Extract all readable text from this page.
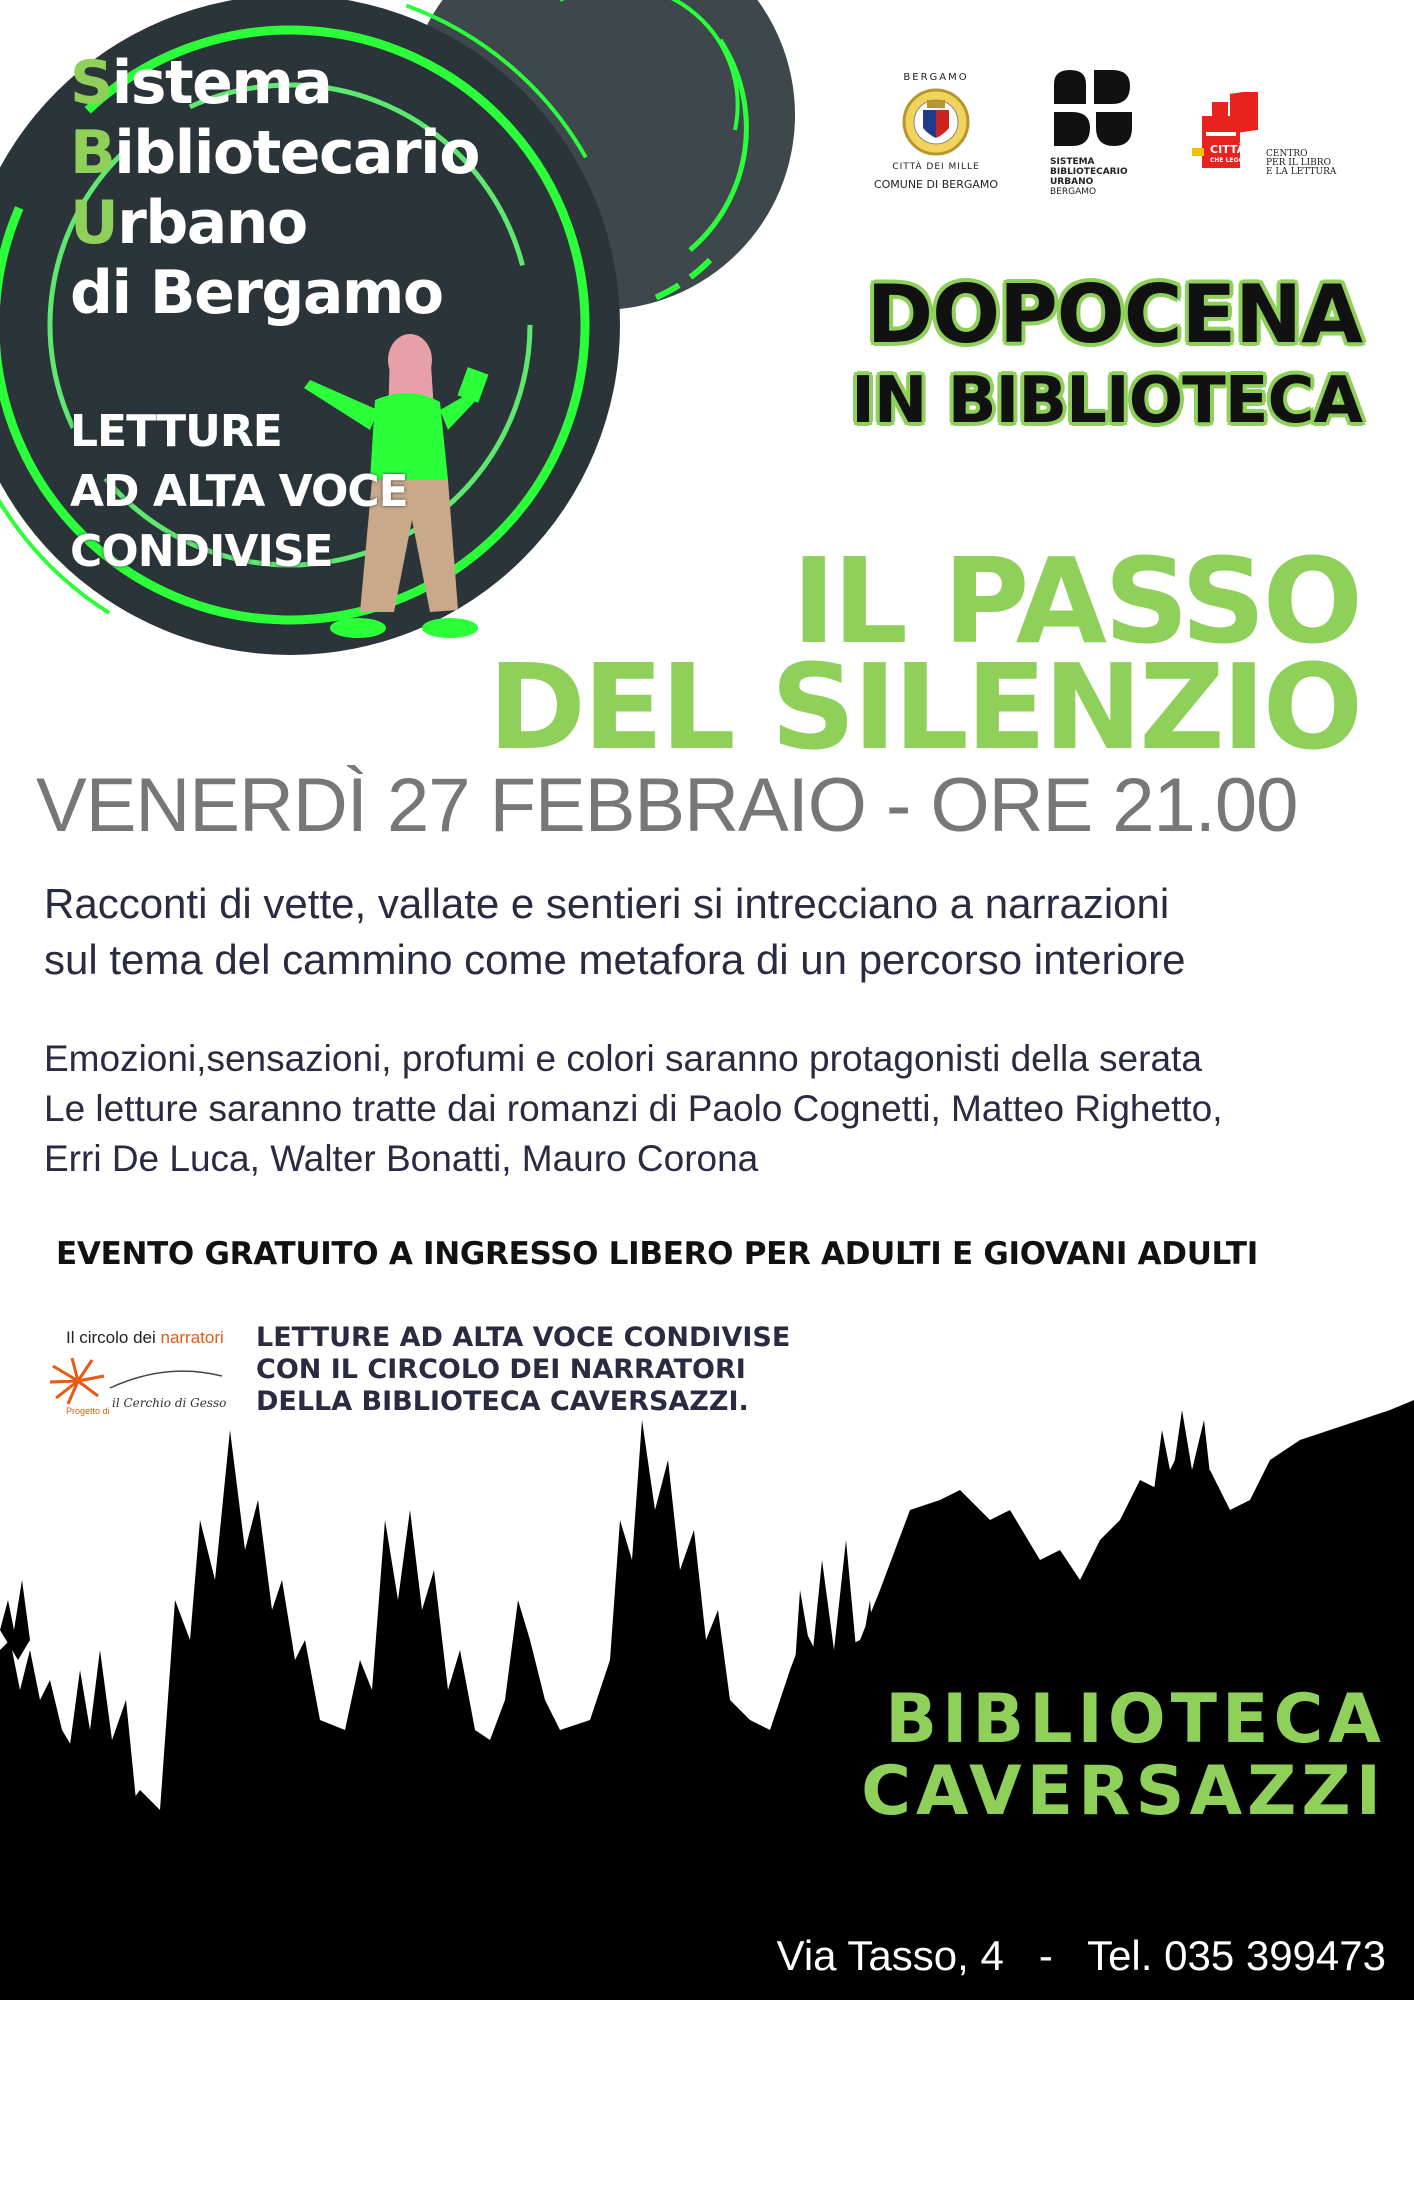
Sistema
Bibliotecario
Urbano
di Bergamo
LETTURE
AD ALTA VOCE
CONDIVISE
BERGAMO
CITTÀ DEI MILLE
COMUNE DI BERGAMO
SISTEMA
BIBLIOTECARIO
URBANO
BERGAMO
CITTÀ
CHE LEGGE
CENTRO
PER IL LIBRO
E LA LETTURA
DOPOCENA
IN BIBLIOTECA
IL PASSO
DEL SILENZIO
VENERDÌ 27 FEBBRAIO - ORE 21.00
Racconti di vette, vallate e sentieri si intrecciano a narrazioni
sul tema del cammino come metafora di un percorso interiore
Emozioni,sensazioni, profumi e colori saranno protagonisti della serata
Le letture saranno tratte dai romanzi di Paolo Cognetti, Matteo Righetto,
Erri De Luca, Walter Bonatti, Mauro Corona
EVENTO GRATUITO A INGRESSO LIBERO PER ADULTI E GIOVANI ADULTI
Il circolo dei narratori
Progetto di
il Cerchio di Gesso
LETTURE AD ALTA VOCE CONDIVISE
CON IL CIRCOLO DEI NARRATORI
DELLA BIBLIOTECA CAVERSAZZI.
BIBLIOTECA
CAVERSAZZI

Via Tasso, 4   -   Tel. 035 399473

bibliotecacaversazzi@comune.bergamo.it
